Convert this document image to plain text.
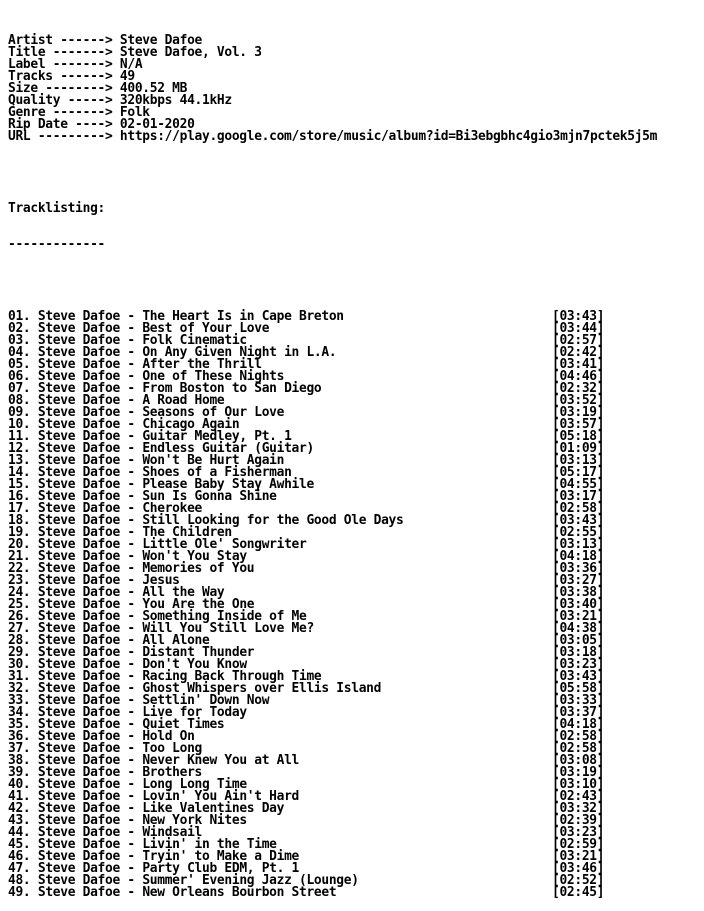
Artist ------> Steve Dafoe
Title -------> Steve Dafoe, Vol. 3
Label -------> N/A
Tracks ------> 49
Size --------> 400.52 MB
Quality -----> 320kbps 44.1kHz
Genre -------> Folk
Rip Date ----> 02-01-2020
URL ---------> https://play.google.com/store/music/album?id=Bi3ebgbhc4gio3mjn7pctek5j5m

Tracklisting:

-------------

01. Steve Dafoe - The Heart Is in Cape Breton	[03:43]
02. Steve Dafoe - Best of Your Love	[03:44]
03. Steve Dafoe - Folk Cinematic	[02:57]
04. Steve Dafoe - On Any Given Night in L.A.	[02:42]
05. Steve Dafoe - After the Thrill	[03:41]
06. Steve Dafoe - One of These Nights	[04:46]
07. Steve Dafoe - From Boston to San Diego	[02:32]
08. Steve Dafoe - A Road Home	[03:52]
09. Steve Dafoe - Seasons of Our Love	[03:19]
10. Steve Dafoe - Chicago Again	[03:57]
11. Steve Dafoe - Guitar Medley, Pt. 1	[05:18]
12. Steve Dafoe - Endless Guitar (Guitar)	[01:09]
13. Steve Dafoe - Won't Be Hurt Again	[03:13]
14. Steve Dafoe - Shoes of a Fisherman	[05:17]
15. Steve Dafoe - Please Baby Stay Awhile	[04:55]
16. Steve Dafoe - Sun Is Gonna Shine	[03:17]
17. Steve Dafoe - Cherokee	[02:58]
18. Steve Dafoe - Still Looking for the Good Ole Days	[03:43]
19. Steve Dafoe - The Children	[02:55]
20. Steve Dafoe - Little Ole' Songwriter	[03:13]
21. Steve Dafoe - Won't You Stay	[04:18]
22. Steve Dafoe - Memories of You	[03:36]
23. Steve Dafoe - Jesus	[03:27]
24. Steve Dafoe - All the Way	[03:38]
25. Steve Dafoe - You Are the One	[03:40]
26. Steve Dafoe - Something Inside of Me	[03:21]
27. Steve Dafoe - Will You Still Love Me?	[04:38]
28. Steve Dafoe - All Alone	[03:05]
29. Steve Dafoe - Distant Thunder	[03:18]
30. Steve Dafoe - Don't You Know	[03:23]
31. Steve Dafoe - Racing Back Through Time	[03:43]
32. Steve Dafoe - Ghost Whispers over Ellis Island	[05:58]
33. Steve Dafoe - Settlin' Down Now	[03:33]
34. Steve Dafoe - Live for Today	[03:37]
35. Steve Dafoe - Quiet Times	[04:18]
36. Steve Dafoe - Hold On	[02:58]
37. Steve Dafoe - Too Long	[02:58]
38. Steve Dafoe - Never Knew You at All	[03:08]
39. Steve Dafoe - Brothers	[03:19]
40. Steve Dafoe - Long Long Time	[03:10]
41. Steve Dafoe - Lovin' You Ain't Hard	[02:43]
42. Steve Dafoe - Like Valentines Day	[03:32]
43. Steve Dafoe - New York Nites	[02:39]
44. Steve Dafoe - Windsail	[03:23]
45. Steve Dafoe - Livin' in the Time	[02:59]
46. Steve Dafoe - Tryin' to Make a Dime	[03:21]
47. Steve Dafoe - Party Club EDM, Pt. 1	[03:46]
48. Steve Dafoe - Summer' Evening Jazz (Lounge)	[02:52]
49. Steve Dafoe - New Orleans Bourbon Street	[02:45]
